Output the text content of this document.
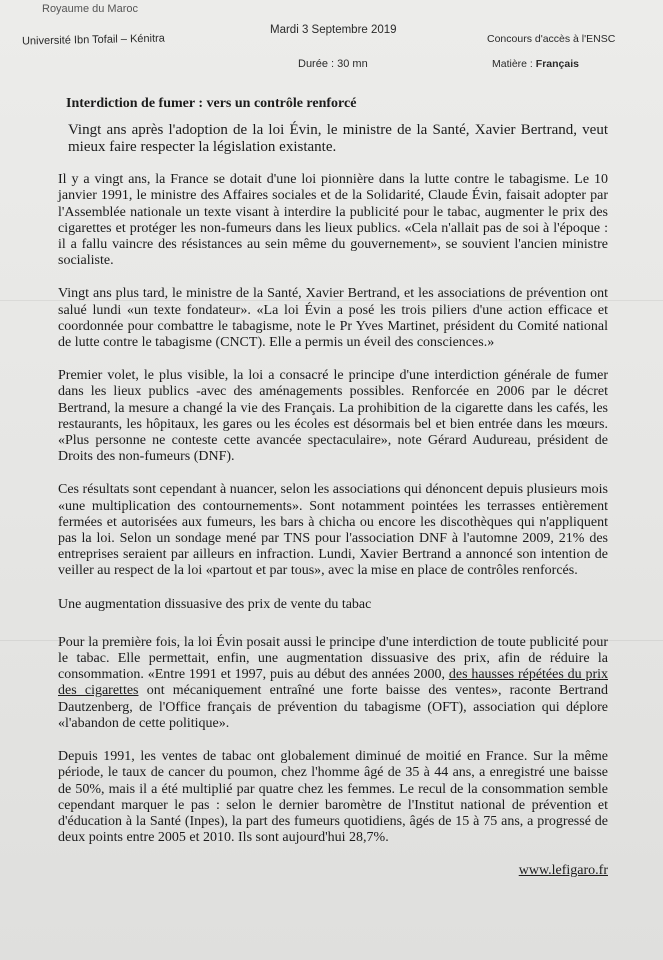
Royaume du Maroc
Université Ibn Tofail – Kénitra
Mardi 3 Septembre 2019
Durée : 30 mn
Concours d'accès à l'ENSC
Matière : Français
Interdiction de fumer : vers un contrôle renforcé
Vingt ans après l'adoption de la loi Évin, le ministre de la Santé, Xavier Bertrand, veut mieux faire respecter la législation existante.
Il y a vingt ans, la France se dotait d'une loi pionnière dans la lutte contre le tabagisme. Le 10 janvier 1991, le ministre des Affaires sociales et de la Solidarité, Claude Évin, faisait adopter par l'Assemblée nationale un texte visant à interdire la publicité pour le tabac, augmenter le prix des cigarettes et protéger les non-fumeurs dans les lieux publics. «Cela n'allait pas de soi à l'époque : il a fallu vaincre des résistances au sein même du gouvernement», se souvient l'ancien ministre socialiste.
Vingt ans plus tard, le ministre de la Santé, Xavier Bertrand, et les associations de prévention ont salué lundi «un texte fondateur». «La loi Évin a posé les trois piliers d'une action efficace et coordonnée pour combattre le tabagisme, note le Pr Yves Martinet, président du Comité national de lutte contre le tabagisme (CNCT). Elle a permis un éveil des consciences.»
Premier volet, le plus visible, la loi a consacré le principe d'une interdiction générale de fumer dans les lieux publics -avec des aménagements possibles. Renforcée en 2006 par le décret Bertrand, la mesure a changé la vie des Français. La prohibition de la cigarette dans les cafés, les restaurants, les hôpitaux, les gares ou les écoles est désormais bel et bien entrée dans les mœurs. «Plus personne ne conteste cette avancée spectaculaire», note Gérard Audureau, président de Droits des non-fumeurs (DNF).
Ces résultats sont cependant à nuancer, selon les associations qui dénoncent depuis plusieurs mois «une multiplication des contournements». Sont notamment pointées les terrasses entièrement fermées et autorisées aux fumeurs, les bars à chicha ou encore les discothèques qui n'appliquent pas la loi. Selon un sondage mené par TNS pour l'association DNF à l'automne 2009, 21% des entreprises seraient par ailleurs en infraction. Lundi, Xavier Bertrand a annoncé son intention de veiller au respect de la loi «partout et par tous», avec la mise en place de contrôles renforcés.
Une augmentation dissuasive des prix de vente du tabac
Pour la première fois, la loi Évin posait aussi le principe d'une interdiction de toute publicité pour le tabac. Elle permettait, enfin, une augmentation dissuasive des prix, afin de réduire la consommation. «Entre 1991 et 1997, puis au début des années 2000, des hausses répétées du prix des cigarettes ont mécaniquement entraîné une forte baisse des ventes», raconte Bertrand Dautzenberg, de l'Office français de prévention du tabagisme (OFT), association qui déplore «l'abandon de cette politique».
Depuis 1991, les ventes de tabac ont globalement diminué de moitié en France. Sur la même période, le taux de cancer du poumon, chez l'homme âgé de 35 à 44 ans, a enregistré une baisse de 50%, mais il a été multiplié par quatre chez les femmes. Le recul de la consommation semble cependant marquer le pas : selon le dernier baromètre de l'Institut national de prévention et d'éducation à la Santé (Inpes), la part des fumeurs quotidiens, âgés de 15 à 75 ans, a progressé de deux points entre 2005 et 2010. Ils sont aujourd'hui 28,7%.
www.lefigaro.fr
